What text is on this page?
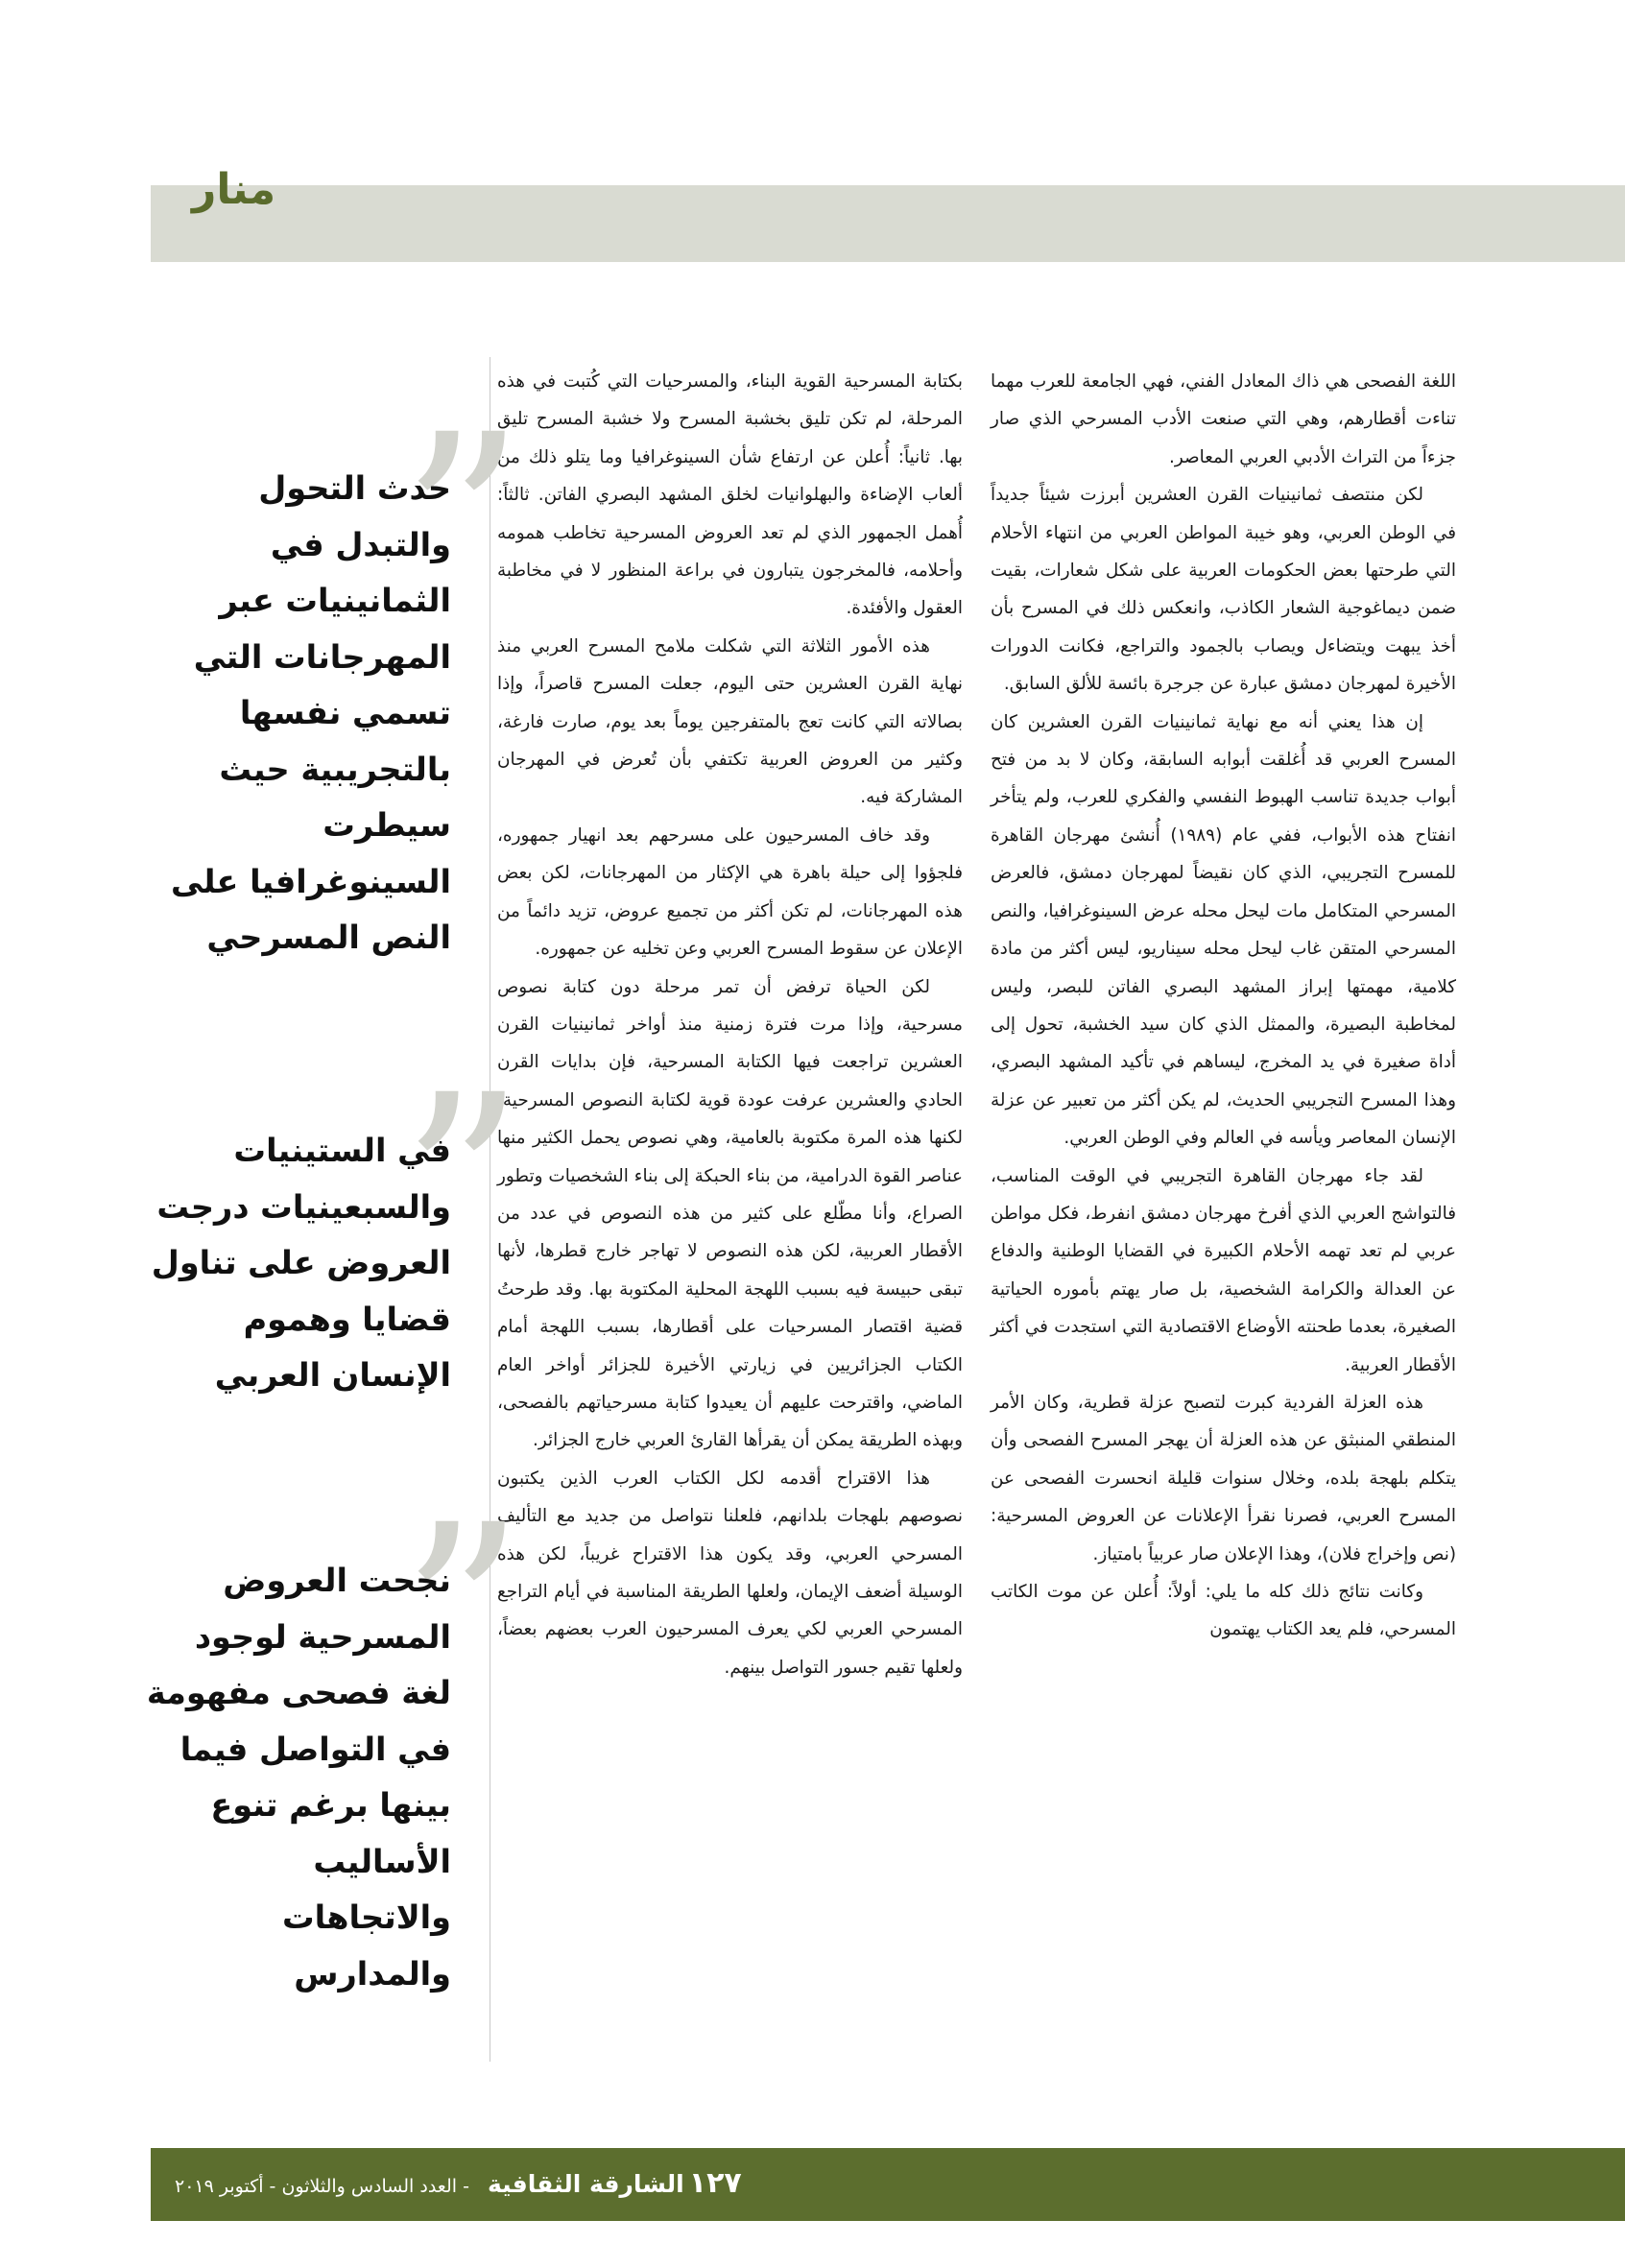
منار

اللغة الفصحى هي ذاك المعادل الفني، فهي الجامعة للعرب مهما تناءت أقطارهم، وهي التي صنعت الأدب المسرحي الذي صار جزءاً من التراث الأدبي العربي المعاصر.

لكن منتصف ثمانينيات القرن العشرين أبرزت شيئاً جديداً في الوطن العربي، وهو خيبة المواطن العربي من انتهاء الأحلام التي طرحتها بعض الحكومات العربية على شكل شعارات، بقيت ضمن ديماغوجية الشعار الكاذب، وانعكس ذلك في المسرح بأن أخذ يبهت ويتضاءل ويصاب بالجمود والتراجع، فكانت الدورات الأخيرة لمهرجان دمشق عبارة عن جرجرة بائسة للألق السابق.

إن هذا يعني أنه مع نهاية ثمانينيات القرن العشرين كان المسرح العربي قد أُغلقت أبوابه السابقة، وكان لا بد من فتح أبواب جديدة تناسب الهبوط النفسي والفكري للعرب، ولم يتأخر انفتاح هذه الأبواب، ففي عام (١٩٨٩) أُنشئ مهرجان القاهرة للمسرح التجريبي، الذي كان نقيضاً لمهرجان دمشق، فالعرض المسرحي المتكامل مات ليحل محله عرض السينوغرافيا، والنص المسرحي المتقن غاب ليحل محله سيناريو، ليس أكثر من مادة كلامية، مهمتها إبراز المشهد البصري الفاتن للبصر، وليس لمخاطبة البصيرة، والممثل الذي كان سيد الخشبة، تحول إلى أداة صغيرة في يد المخرج، ليساهم في تأكيد المشهد البصري، وهذا المسرح التجريبي الحديث، لم يكن أكثر من تعبير عن عزلة الإنسان المعاصر ويأسه في العالم وفي الوطن العربي.

لقد جاء مهرجان القاهرة التجريبي في الوقت المناسب، فالتواشج العربي الذي أفرخ مهرجان دمشق انفرط، فكل مواطن عربي لم تعد تهمه الأحلام الكبيرة في القضايا الوطنية والدفاع عن العدالة والكرامة الشخصية، بل صار يهتم بأموره الحياتية الصغيرة، بعدما طحنته الأوضاع الاقتصادية التي استجدت في أكثر الأقطار العربية.

هذه العزلة الفردية كبرت لتصبح عزلة قطرية، وكان الأمر المنطقي المنبثق عن هذه العزلة أن يهجر المسرح الفصحى وأن يتكلم بلهجة بلده، وخلال سنوات قليلة انحسرت الفصحى عن المسرح العربي، فصرنا نقرأ الإعلانات عن العروض المسرحية: (نص وإخراج فلان)، وهذا الإعلان صار عربياً بامتياز.

وكانت نتائج ذلك كله ما يلي: أولاً: أُعلن عن موت الكاتب المسرحي، فلم يعد الكتاب يهتمون

بكتابة المسرحية القوية البناء، والمسرحيات التي كُتبت في هذه المرحلة، لم تكن تليق بخشبة المسرح ولا خشبة المسرح تليق بها. ثانياً: أُعلن عن ارتفاع شأن السينوغرافيا وما يتلو ذلك من ألعاب الإضاءة والبهلوانيات لخلق المشهد البصري الفاتن. ثالثاً: أُهمل الجمهور الذي لم تعد العروض المسرحية تخاطب همومه وأحلامه، فالمخرجون يتبارون في براعة المنظور لا في مخاطبة العقول والأفئدة.

هذه الأمور الثلاثة التي شكلت ملامح المسرح العربي منذ نهاية القرن العشرين حتى اليوم، جعلت المسرح قاصراً، وإذا بصالاته التي كانت تعج بالمتفرجين يوماً بعد يوم، صارت فارغة، وكثير من العروض العربية تكتفي بأن تُعرض في المهرجان المشاركة فيه.

وقد خاف المسرحيون على مسرحهم بعد انهيار جمهوره، فلجؤوا إلى حيلة باهرة هي الإكثار من المهرجانات، لكن بعض هذه المهرجانات، لم تكن أكثر من تجميع عروض، تزيد دائماً من الإعلان عن سقوط المسرح العربي وعن تخليه عن جمهوره.

لكن الحياة ترفض أن تمر مرحلة دون كتابة نصوص مسرحية، وإذا مرت فترة زمنية منذ أواخر ثمانينيات القرن العشرين تراجعت فيها الكتابة المسرحية، فإن بدايات القرن الحادي والعشرين عرفت عودة قوية لكتابة النصوص المسرحية، لكنها هذه المرة مكتوبة بالعامية، وهي نصوص يحمل الكثير منها عناصر القوة الدرامية، من بناء الحبكة إلى بناء الشخصيات وتطور الصراع، وأنا مطّلع على كثير من هذه النصوص في عدد من الأقطار العربية، لكن هذه النصوص لا تهاجر خارج قطرها، لأنها تبقى حبيسة فيه بسبب اللهجة المحلية المكتوبة بها. وقد طرحتُ قضية اقتصار المسرحيات على أقطارها، بسبب اللهجة أمام الكتاب الجزائريين في زيارتي الأخيرة للجزائر أواخر العام الماضي، واقترحت عليهم أن يعيدوا كتابة مسرحياتهم بالفصحى، وبهذه الطريقة يمكن أن يقرأها القارئ العربي خارج الجزائر.

هذا الاقتراح أقدمه لكل الكتاب العرب الذين يكتبون نصوصهم بلهجات بلدانهم، فلعلنا نتواصل من جديد مع التأليف المسرحي العربي، وقد يكون هذا الاقتراح غريباً، لكن هذه الوسيلة أضعف الإيمان، ولعلها الطريقة المناسبة في أيام التراجع المسرحي العربي لكي يعرف المسرحيون العرب بعضهم بعضاً، ولعلها تقيم جسور التواصل بينهم.

”

حدث التحول والتبدل في الثمانينيات عبر المهرجانات التي تسمي نفسها بالتجريبية حيث سيطرت السينوغرافيا على النص المسرحي

”

في الستينيات والسبعينيات درجت العروض على تناول قضايا وهموم الإنسان العربي

”

نجحت العروض المسرحية لوجود لغة فصحى مفهومة في التواصل فيما بينها برغم تنوع الأساليب والاتجاهات والمدارس

١٢٧ الشارقة الثقافية - العدد السادس والثلاثون - أكتوبر ٢٠١٩
